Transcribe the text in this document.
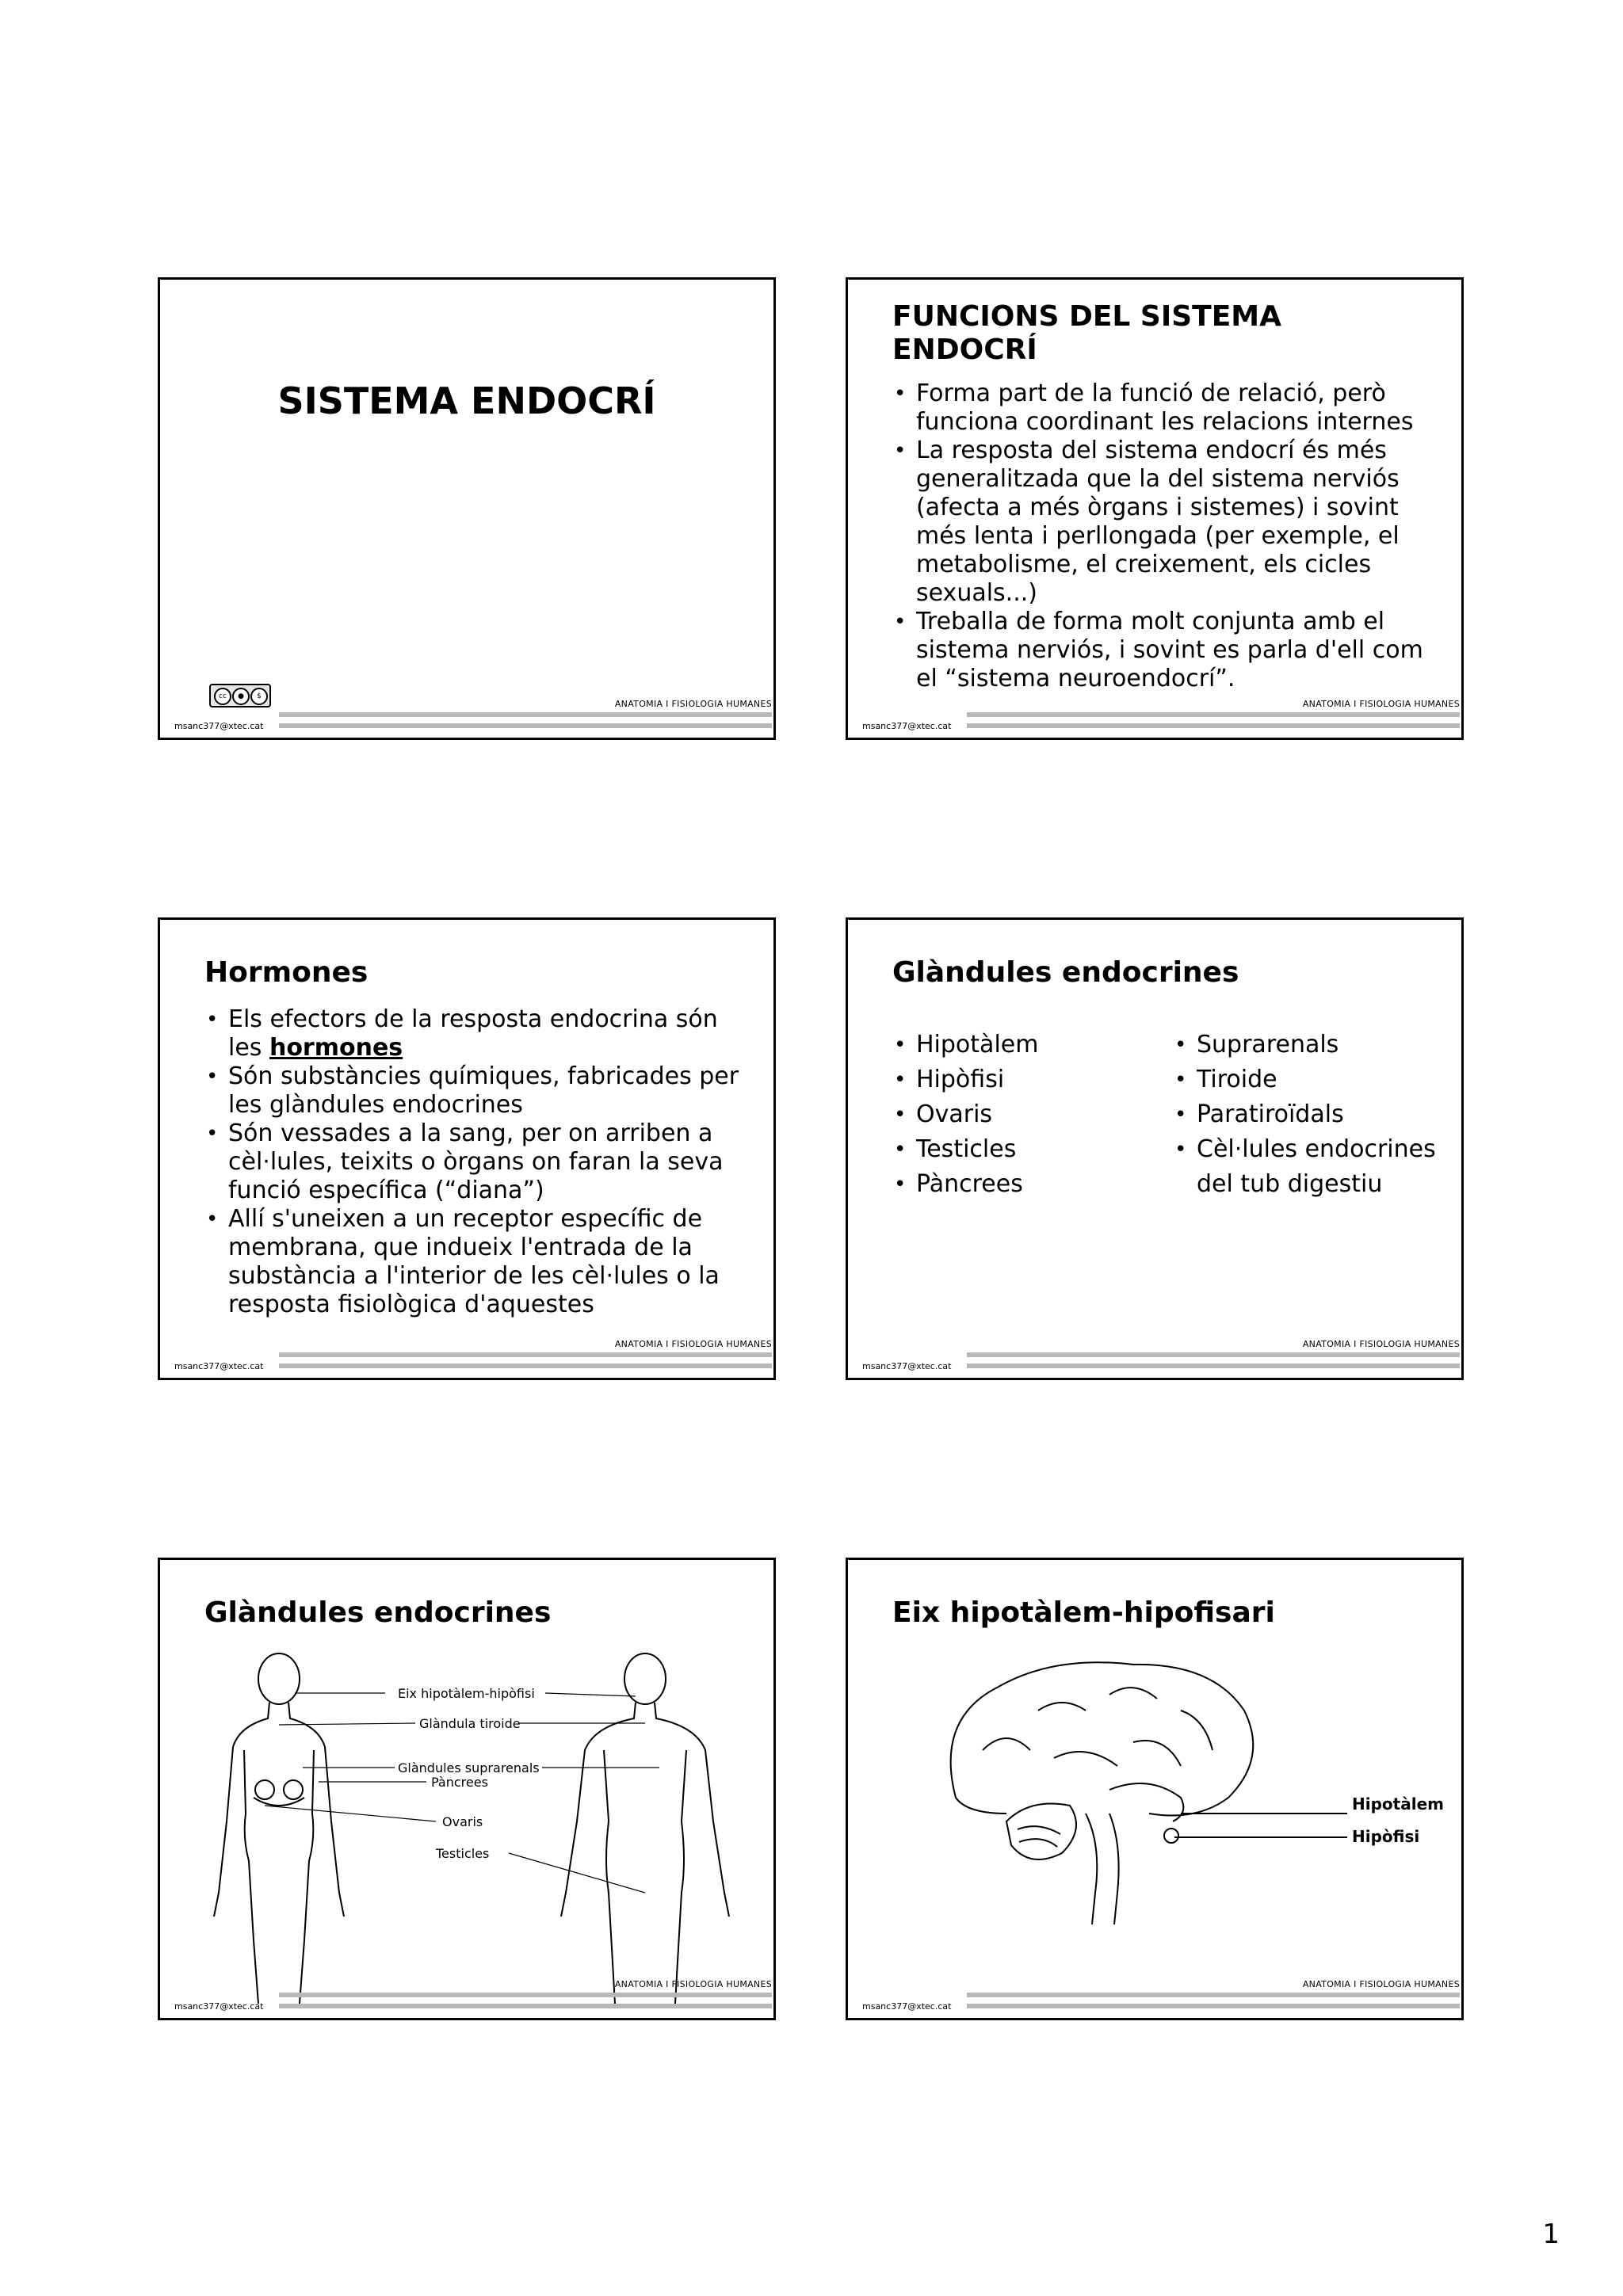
SISTEMA ENDOCRÍ
cc	●	$
ANATOMIA I FISIOLOGIA HUMANES
msanc377@xtec.cat
FUNCIONS DEL SISTEMA
ENDOCRÍ
• Forma part de la funció de relació, però funciona coordinant les relacions internes
• La resposta del sistema endocrí és més generalitzada que la del sistema nerviós (afecta a més òrgans i sistemes) i sovint més lenta i perllongada (per exemple, el metabolisme, el creixement, els cicles sexuals...)
• Treballa de forma molt conjunta amb el sistema nerviós, i sovint es parla d'ell com el “sistema neuroendocrí”.
ANATOMIA I FISIOLOGIA HUMANES
msanc377@xtec.cat
Hormones
• Els efectors de la resposta endocrina són les hormones
• Són substàncies químiques, fabricades per les glàndules endocrines
• Són vessades a la sang, per on arriben a cèl·lules, teixits o òrgans on faran la seva funció específica (“diana”)
• Allí s'uneixen a un receptor específic de membrana, que indueix l'entrada de la substància a l'interior de les cèl·lules o la resposta fisiològica d'aquestes
ANATOMIA I FISIOLOGIA HUMANES
msanc377@xtec.cat
Glàndules endocrines
• Hipotàlem
• Hipòfisi
• Ovaris
• Testicles
• Pàncrees
• Suprarenals
• Tiroide
• Paratiroïdals
• Cèl·lules endocrines del tub digestiu
ANATOMIA I FISIOLOGIA HUMANES
msanc377@xtec.cat
Glàndules endocrines
Eix hipotàlem-hipòfisi
Glàndula tiroide
Glàndules suprarenals
Pàncrees
Ovaris
Testicles
ANATOMIA I FISIOLOGIA HUMANES
msanc377@xtec.cat
Eix hipotàlem-hipofisari
Hipotàlem
Hipòfisi
ANATOMIA I FISIOLOGIA HUMANES
msanc377@xtec.cat
1
